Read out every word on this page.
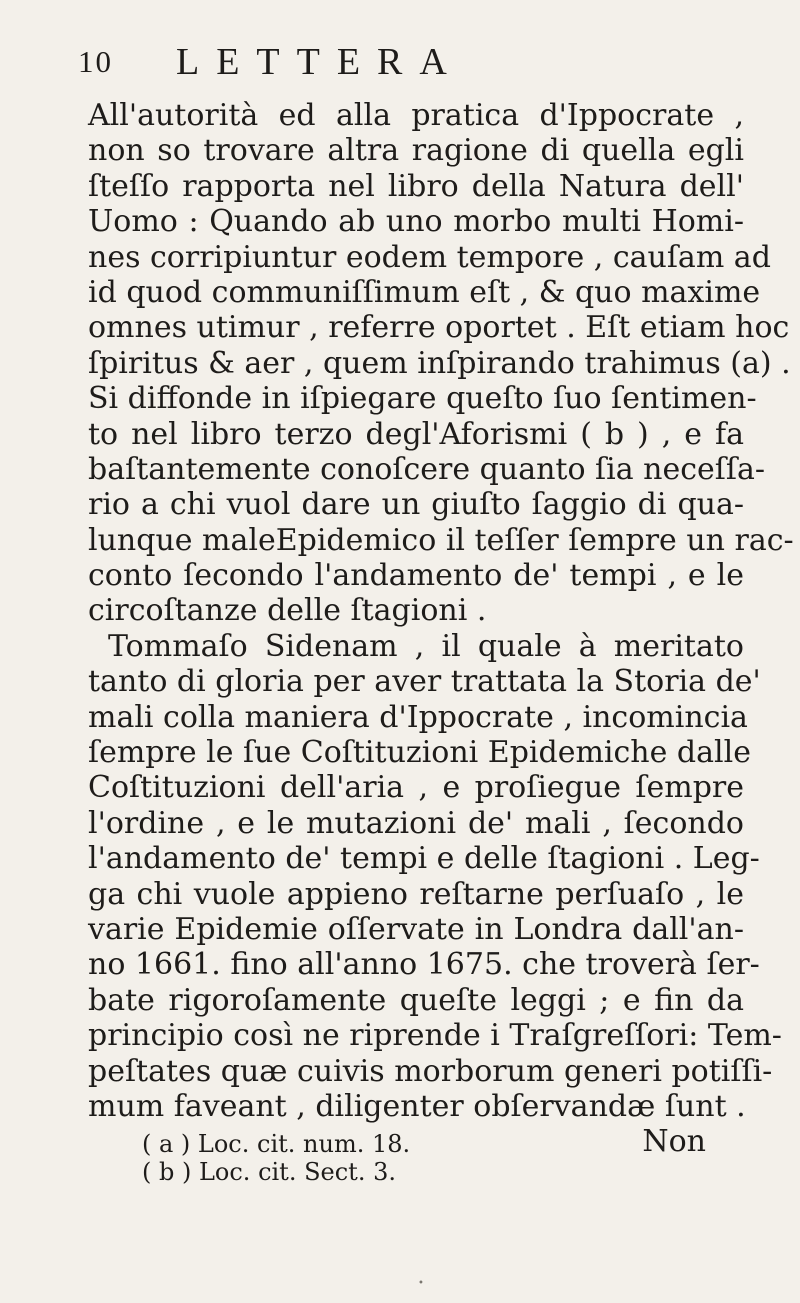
10 LETTERA
All'autorità ed alla pratica d'Ippocrate ,
non so trovare altra ragione di quella egli
ſteſſo rapporta nel libro della Natura dell'
Uomo : Quando ab uno morbo multi Homi-
nes corripiuntur eodem tempore , cauſam ad
id quod communiſſimum eſt , & quo maxime
omnes utimur , referre oportet . Eſt etiam hoc
ſpiritus & aer , quem inſpirando trahimus (a) .
Si diffonde in iſpiegare queſto ſuo ſentimen-
to nel libro terzo degl'Aforismi ( b ) , e fa
baſtantemente conoſcere quanto ſia neceſſa-
rio a chi vuol dare un giuſto ſaggio di qua-
lunque maleEpidemico il teſſer ſempre un rac-
conto ſecondo l'andamento de' tempi , e le
circoſtanze delle ſtagioni .
Tommaſo Sidenam , il quale à meritato
tanto di gloria per aver trattata la Storia de'
mali colla maniera d'Ippocrate , incomincia
ſempre le ſue Coſtituzioni Epidemiche dalle
Coſtituzioni dell'aria , e proſiegue ſempre
l'ordine , e le mutazioni de' mali , ſecondo
l'andamento de' tempi e delle ſtagioni . Leg-
ga chi vuole appieno reſtarne perſuaſo , le
varie Epidemie oſſervate in Londra dall'an-
no 1661. fino all'anno 1675. che troverà ſer-
bate rigoroſamente queſte leggi ; e fin da
principio così ne riprende i Traſgreſſori: Tem-
peſtates quæ cuivis morborum generi potiſſi-
mum faveant , diligenter obſervandæ ſunt .
Non
( a ) Loc. cit. num. 18.
( b ) Loc. cit. Sect. 3.
•
